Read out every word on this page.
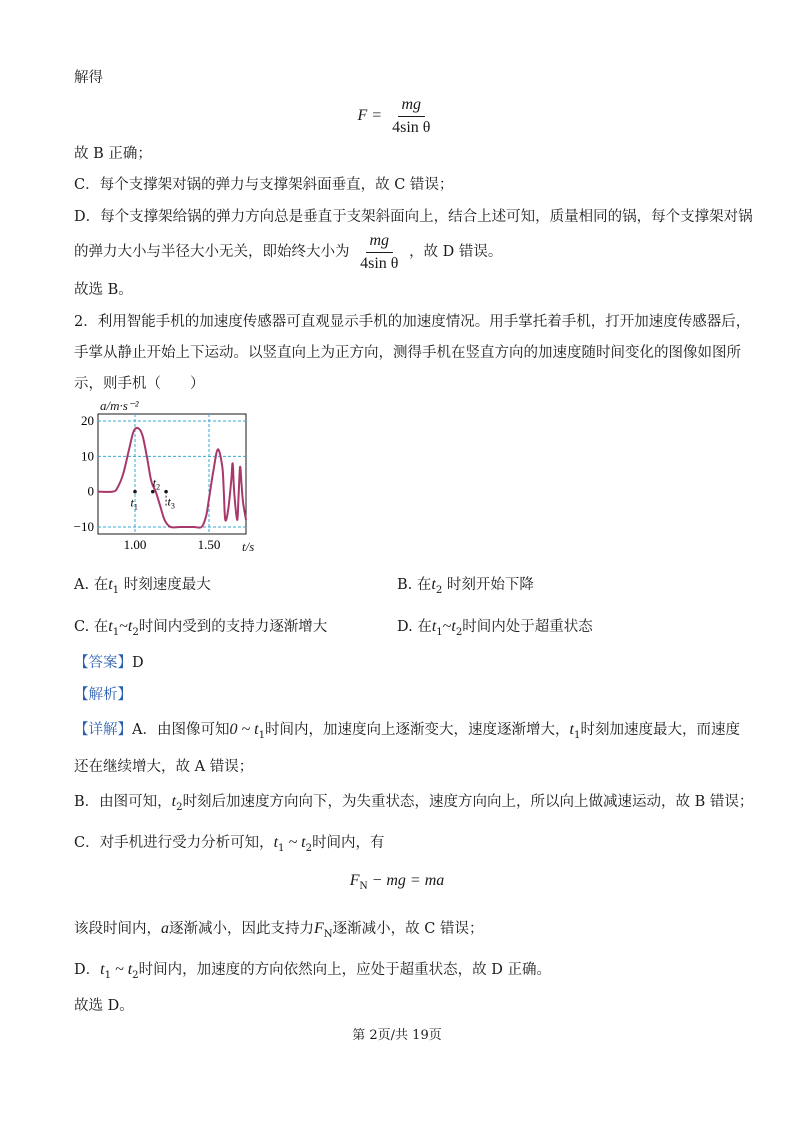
解得
$F = \frac{mg}{\text{4sin θ}}$
故 B 正确；
C．每个支撑架对锅的弹力与支撑架斜面垂直，故 C 错误；
D．每个支撑架给锅的弹力方向总是垂直于支架斜面向上，结合上述可知，质量相同的锅，每个支撑架对锅
的弹力大小与半径大小无关，即始终大小为 $\frac{mg}{\text{4sin θ}}$ ，故 D 错误。
故选 B。
2．利用智能手机的加速度传感器可直观显示手机的加速度情况。用手掌托着手机，打开加速度传感器后，
手掌从静止开始上下运动。以竖直向上为正方向，测得手机在竖直方向的加速度随时间变化的图像如图所
示，则手机（　　）
a/m·s⁻²
t/s
20
10
0
−10
1.00	1.50
$t_1$
$t_2$
$t_3$
A. 在$t_1$ 时刻速度最大	B. 在$t_2$ 时刻开始下降
C. 在$t_1\sim t_2$时间内受到的支持力逐渐增大	D. 在$t_1\sim t_2$时间内处于超重状态
【答案】D
【解析】
【详解】A．由图像可知0 ~ $t_1$时间内，加速度向上逐渐变大，速度逐渐增大，$t_1$时刻加速度最大，而速度
还在继续增大，故 A 错误；
B．由图可知，$t_2$时刻后加速度方向向下，为失重状态，速度方向向上，所以向上做减速运动，故 B 错误；
C．对手机进行受力分析可知，$t_1$ ~ $t_2$时间内，有
$F_N$ − mg = ma
该段时间内，a逐渐减小，因此支持力$F_N$逐渐减小，故 C 错误；
D．$t_1$ ~ $t_2$时间内，加速度的方向依然向上，应处于超重状态，故 D 正确。
故选 D。
第 2页/共 19页
